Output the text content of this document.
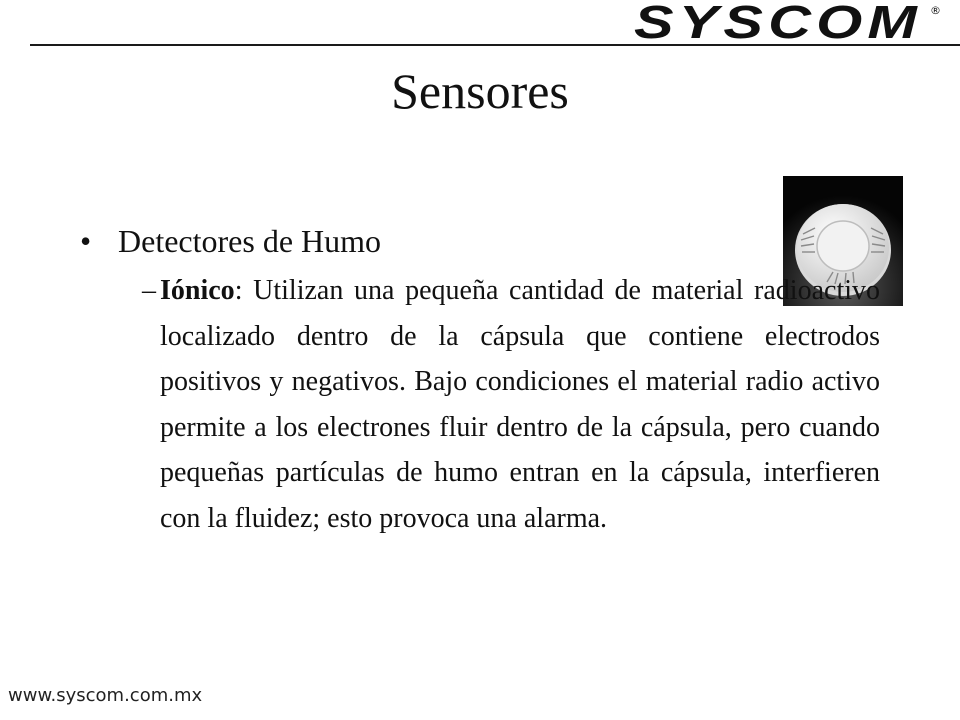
SYSCOM ®
Sensores
• Detectores de Humo
– Iónico: Utilizan una pequeña cantidad de material radioactivo localizado dentro de la cápsula que contiene electrodos positivos y negativos. Bajo condiciones el material radio activo permite a los electrones fluir dentro de la cápsula, pero cuando pequeñas partículas de humo entran en la cápsula, interfieren con la fluidez; esto provoca una alarma.
www.syscom.com.mx
